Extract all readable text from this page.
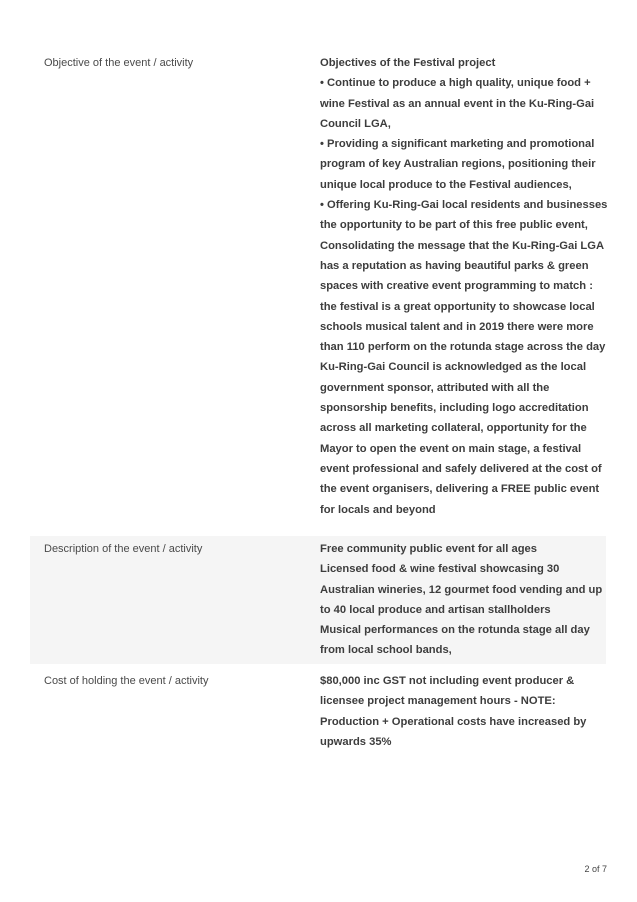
Objective of the event / activity	Objectives of the Festival project
• Continue to produce a high quality, unique food +
wine Festival as an annual event in the Ku-Ring-Gai
Council LGA,
• Providing a significant marketing and promotional
program of key Australian regions, positioning their
unique local produce to the Festival audiences,
• Offering Ku-Ring-Gai local residents and businesses
the opportunity to be part of this free public event,
Consolidating the message that the Ku-Ring-Gai LGA
has a reputation as having beautiful parks & green
spaces with creative event programming to match :
the festival is a great opportunity to showcase local
schools musical talent and in 2019 there were more
than 110 perform on the rotunda stage across the day
Ku-Ring-Gai Council is acknowledged as the local
government sponsor, attributed with all the
sponsorship benefits, including logo accreditation
across all marketing collateral, opportunity for the
Mayor to open the event on main stage, a festival
event professional and safely delivered at the cost of
the event organisers, delivering a FREE public event
for locals and beyond
Description of the event / activity	Free community public event for all ages
Licensed food & wine festival showcasing 30
Australian wineries, 12 gourmet food vending and up
to 40 local produce and artisan stallholders
Musical performances on the rotunda stage all day
from local school bands,
Cost of holding the event / activity	$80,000 inc GST not including event producer &
licensee project management hours - NOTE:
Production + Operational costs have increased by
upwards 35%
2 of 7
